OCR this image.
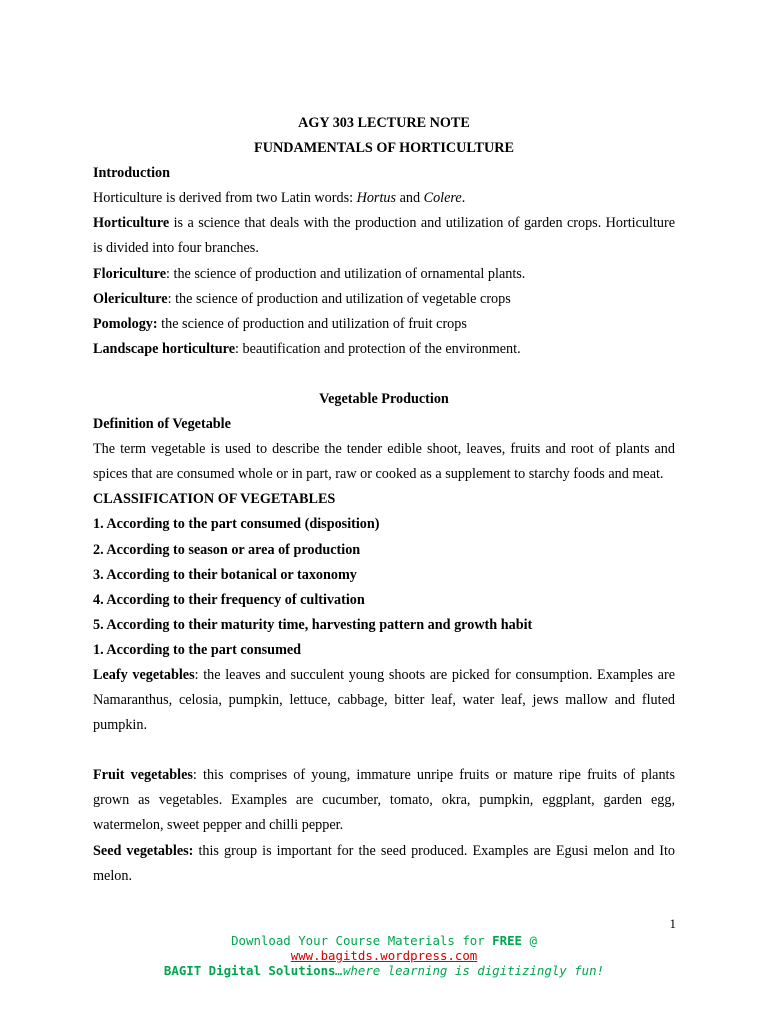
AGY 303 LECTURE NOTE

FUNDAMENTALS OF HORTICULTURE

Introduction

Horticulture is derived from two Latin words: Hortus and Colere.

Horticulture is a science that deals with the production and utilization of garden crops. Horticulture is divided into four branches.

Floriculture: the science of production and utilization of ornamental plants.

Olericulture: the science of production and utilization of vegetable crops

Pomology: the science of production and utilization of fruit crops

Landscape horticulture: beautification and protection of the environment.

Vegetable Production

Definition of Vegetable

The term vegetable is used to describe the tender edible shoot, leaves, fruits and root of plants and spices that are consumed whole or in part, raw or cooked as a supplement to starchy foods and meat.

CLASSIFICATION OF VEGETABLES

1. According to the part consumed (disposition)

2. According to season or area of production

3. According to their botanical or taxonomy

4. According to their frequency of cultivation

5. According to their maturity time, harvesting pattern and growth habit

1. According to the part consumed

Leafy vegetables: the leaves and succulent young shoots are picked for consumption. Examples are Namaranthus, celosia, pumpkin, lettuce, cabbage, bitter leaf, water leaf, jews mallow and fluted pumpkin.

Fruit vegetables: this comprises of young, immature unripe fruits or mature ripe fruits of plants grown as vegetables. Examples are cucumber, tomato, okra, pumpkin, eggplant, garden egg, watermelon, sweet pepper and chilli pepper.

Seed vegetables: this group is important for the seed produced. Examples are Egusi melon and Ito melon.

1
Download Your Course Materials for FREE @
www.bagitds.wordpress.com
BAGIT Digital Solutions…where learning is digitizingly fun!
